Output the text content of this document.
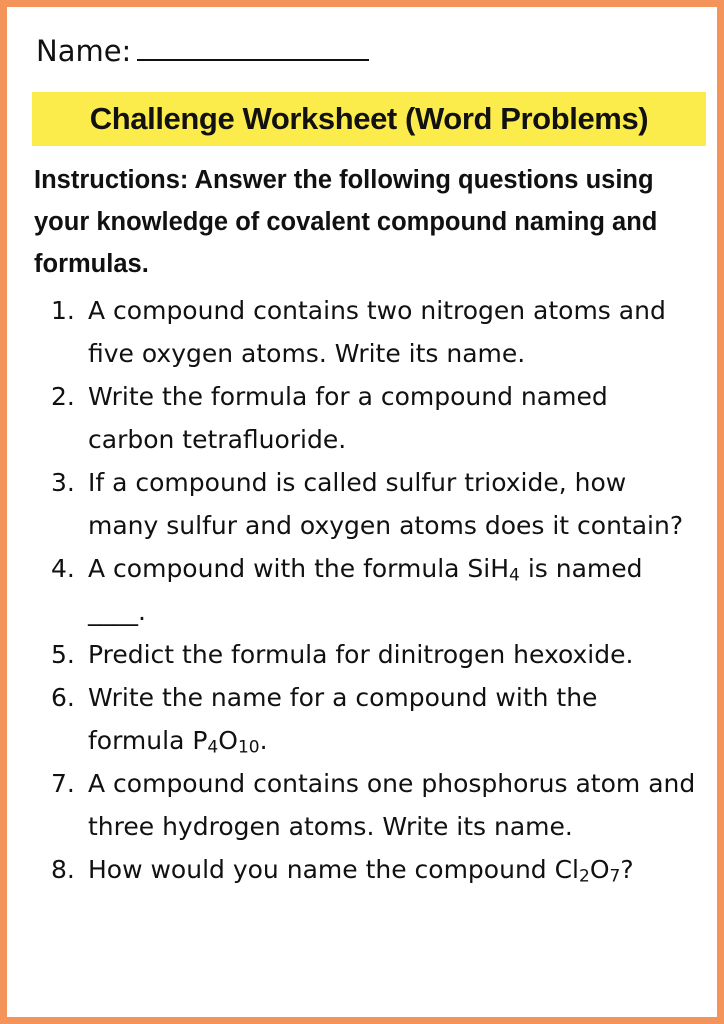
Name:
Challenge Worksheet (Word Problems)
Instructions: Answer the following questions using your knowledge of covalent compound naming and formulas.
1. A compound contains two nitrogen atoms and five oxygen atoms. Write its name.
2. Write the formula for a compound named carbon tetrafluoride.
3. If a compound is called sulfur trioxide, how many sulfur and oxygen atoms does it contain?
4. A compound with the formula SiH$_4$ is named ____.
5. Predict the formula for dinitrogen hexoxide.
6. Write the name for a compound with the formula $P_4O_{10}$.
7. A compound contains one phosphorus atom and three hydrogen atoms. Write its name.
8. How would you name the compound $Cl_2O_7$?
